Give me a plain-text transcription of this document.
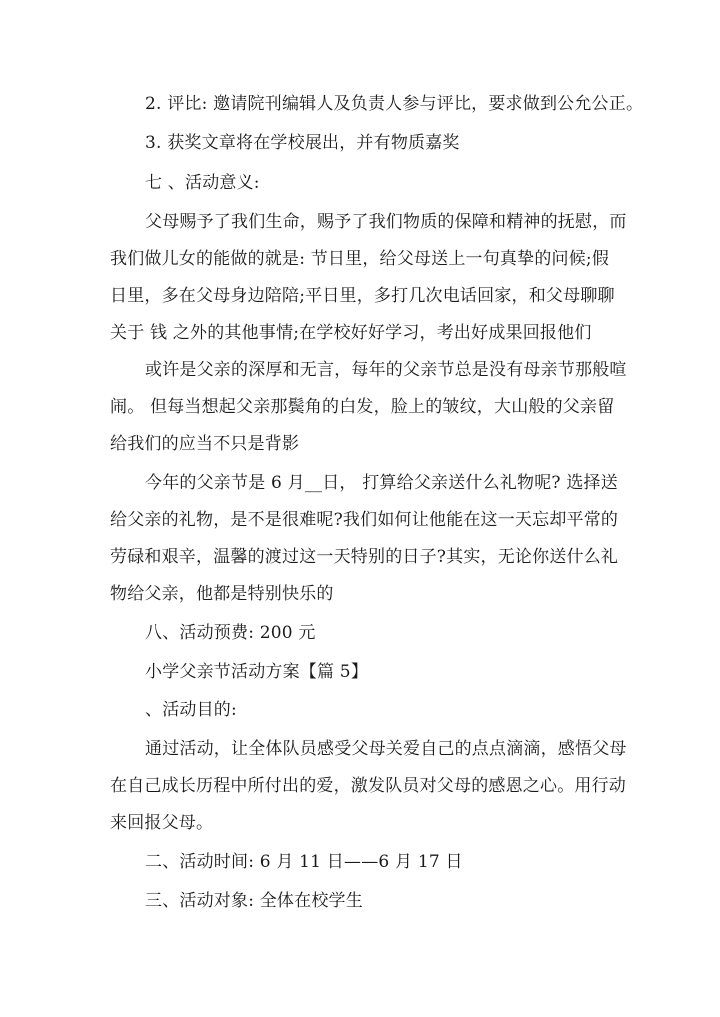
2. 评比: 邀请院刊编辑人及负责人参与评比，要求做到公允公正。
3. 获奖文章将在学校展出，并有物质嘉奖
七 、活动意义:
父母赐予了我们生命，赐予了我们物质的保障和精神的抚慰，而
我们做儿女的能做的就是: 节日里，给父母送上一句真挚的问候;假
日里，多在父母身边陪陪;平日里，多打几次电话回家，和父母聊聊
关于 钱 之外的其他事情;在学校好好学习，考出好成果回报他们
或许是父亲的深厚和无言，每年的父亲节总是没有母亲节那般喧
闹。 但每当想起父亲那鬓角的白发，脸上的皱纹，大山般的父亲留
给我们的应当不只是背影
今年的父亲节是 6 月__日， 打算给父亲送什么礼物呢? 选择送
给父亲的礼物，是不是很难呢?我们如何让他能在这一天忘却平常的
劳碌和艰辛，温馨的渡过这一天特别的日子?其实，无论你送什么礼
物给父亲，他都是特别快乐的
八、活动预费: 200 元
小学父亲节活动方案【篇 5】
、活动目的:
通过活动，让全体队员感受父母关爱自己的点点滴滴，感悟父母
在自己成长历程中所付出的爱，激发队员对父母的感恩之心。用行动
来回报父母。
二、活动时间: 6 月 11 日——6 月 17 日
三、活动对象: 全体在校学生
